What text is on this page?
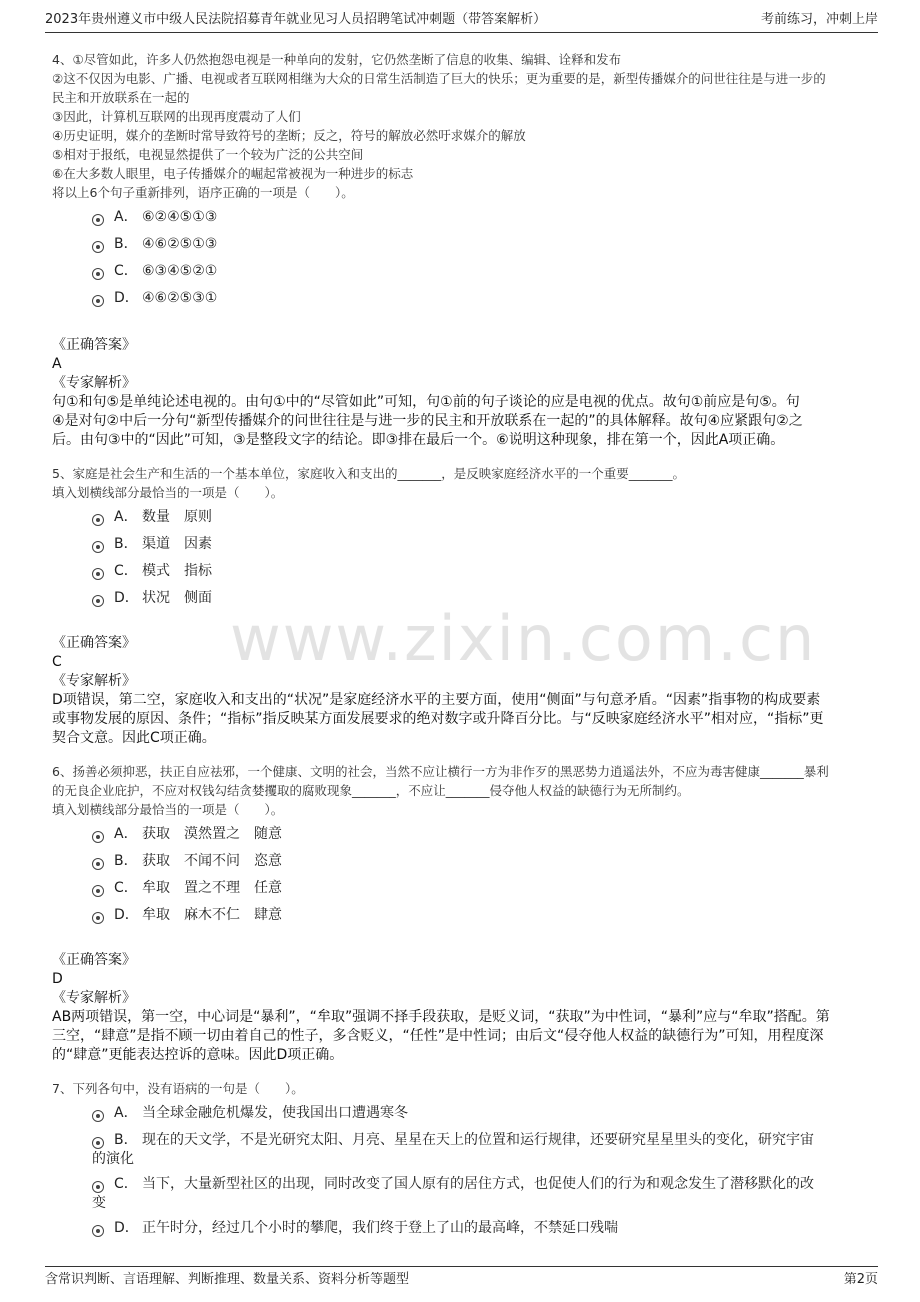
2023年贵州遵义市中级人民法院招募青年就业见习人员招聘笔试冲刺题（带答案解析）	考前练习，冲刺上岸
www.zixin.com.cn
4、①尽管如此，许多人仍然抱怨电视是一种单向的发射，它仍然垄断了信息的收集、编辑、诠释和发布
②这不仅因为电影、广播、电视或者互联网相继为大众的日常生活制造了巨大的快乐；更为重要的是，新型传播媒介的问世往往是与进一步的
民主和开放联系在一起的
③因此，计算机互联网的出现再度震动了人们
④历史证明，媒介的垄断时常导致符号的垄断；反之，符号的解放必然吁求媒介的解放
⑤相对于报纸，电视显然提供了一个较为广泛的公共空间
⑥在大多数人眼里，电子传播媒介的崛起常被视为一种进步的标志
将以上6个句子重新排列，语序正确的一项是（　　）。
A． ⑥②④⑤①③
B． ④⑥②⑤①③
C． ⑥③④⑤②①
D． ④⑥②⑤③①
《正确答案》
A
《专家解析》
句①和句⑤是单纯论述电视的。由句①中的“尽管如此”可知，句①前的句子谈论的应是电视的优点。故句①前应是句⑤。句
④是对句②中后一分句“新型传播媒介的问世往往是与进一步的民主和开放联系在一起的”的具体解释。故句④应紧跟句②之
后。由句③中的“因此”可知，③是整段文字的结论。即③排在最后一个。⑥说明这种现象，排在第一个，因此A项正确。
5、家庭是社会生产和生活的一个基本单位，家庭收入和支出的_______，是反映家庭经济水平的一个重要_______。
填入划横线部分最恰当的一项是（　　）。
A． 数量　原则
B． 渠道　因素
C． 模式　指标
D． 状况　侧面
《正确答案》
C
《专家解析》
D项错误，第二空，家庭收入和支出的“状况”是家庭经济水平的主要方面，使用“侧面”与句意矛盾。“因素”指事物的构成要素
或事物发展的原因、条件；“指标”指反映某方面发展要求的绝对数字或升降百分比。与“反映家庭经济水平”相对应，“指标”更
契合文意。因此C项正确。
6、扬善必须抑恶，扶正自应祛邪，一个健康、文明的社会，当然不应让横行一方为非作歹的黑恶势力逍遥法外，不应为毒害健康_______暴利
的无良企业庇护，不应对权钱勾结贪婪攫取的腐败现象_______，不应让_______侵夺他人权益的缺德行为无所制约。
填入划横线部分最恰当的一项是（　　）。
A． 获取　漠然置之　随意
B． 获取　不闻不问　恣意
C． 牟取　置之不理　任意
D． 牟取　麻木不仁　肆意
《正确答案》
D
《专家解析》
AB两项错误，第一空，中心词是“暴利”，“牟取”强调不择手段获取，是贬义词，“获取”为中性词，“暴利”应与“牟取”搭配。第
三空，“肆意”是指不顾一切由着自己的性子，多含贬义，“任性”是中性词；由后文“侵夺他人权益的缺德行为”可知，用程度深
的“肆意”更能表达控诉的意味。因此D项正确。
7、下列各句中，没有语病的一句是（　　）。
A． 当全球金融危机爆发，使我国出口遭遇寒冬
B． 现在的天文学，不是光研究太阳、月亮、星星在天上的位置和运行规律，还要研究星星里头的变化，研究宇宙
的演化
C． 当下，大量新型社区的出现，同时改变了国人原有的居住方式，也促使人们的行为和观念发生了潜移默化的改
变
D． 正午时分，经过几个小时的攀爬，我们终于登上了山的最高峰，不禁延口残喘
含常识判断、言语理解、判断推理、数量关系、资料分析等题型	第2页
